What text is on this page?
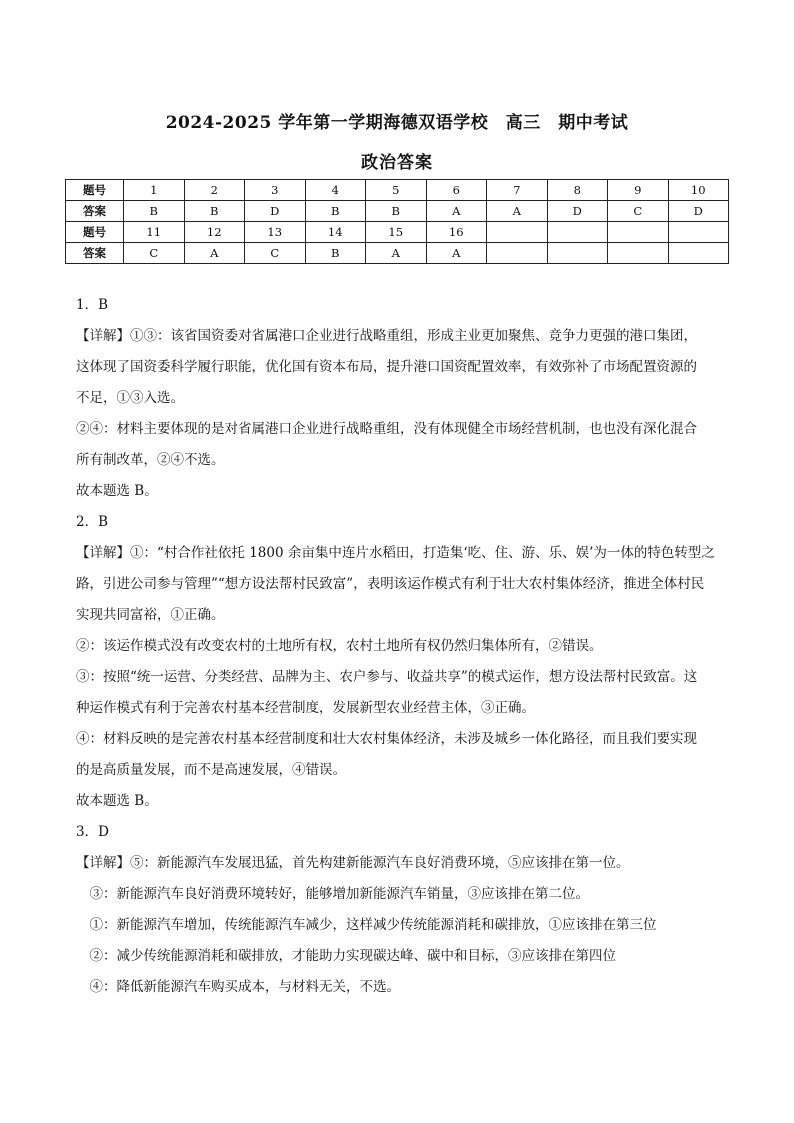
2024-2025 学年第一学期海德双语学校　高三　期中考试
政治答案
题号	1	2	3	4	5	6	7	8	9	10
答案	B	B	D	B	B	A	A	D	C	D
题号	11	12	13	14	15	16				
答案	C	A	C	B	A	A				

1．B

【详解】①③：该省国资委对省属港口企业进行战略重组，形成主业更加聚焦、竞争力更强的港口集团，

这体现了国资委科学履行职能，优化国有资本布局，提升港口国资配置效率，有效弥补了市场配置资源的

不足，①③入选。

②④：材料主要体现的是对省属港口企业进行战略重组，没有体现健全市场经营机制，也也没有深化混合

所有制改革，②④不选。

故本题选 B。

2．B

【详解】①：“村合作社依托 1800 余亩集中连片水稻田，打造集‘吃、住、游、乐、娱’为一体的特色转型之

路，引进公司参与管理”“想方设法帮村民致富”，表明该运作模式有利于壮大农村集体经济，推进全体村民

实现共同富裕，①正确。

②：该运作模式没有改变农村的土地所有权，农村土地所有权仍然归集体所有，②错误。

③：按照“统一运营、分类经营、品牌为主、农户参与、收益共享”的模式运作，想方设法帮村民致富。这

种运作模式有利于完善农村基本经营制度，发展新型农业经营主体，③正确。

④：材料反映的是完善农村基本经营制度和壮大农村集体经济，未涉及城乡一体化路径，而且我们要实现

的是高质量发展，而不是高速发展，④错误。

故本题选 B。

3．D

【详解】⑤：新能源汽车发展迅猛，首先构建新能源汽车良好消费环境，⑤应该排在第一位。

　③：新能源汽车良好消费环境转好，能够增加新能源汽车销量，③应该排在第二位。

　①：新能源汽车增加，传统能源汽车减少，这样减少传统能源消耗和碳排放，①应该排在第三位

　②：减少传统能源消耗和碳排放，才能助力实现碳达峰、碳中和目标，③应该排在第四位

　④：降低新能源汽车购买成本，与材料无关，不选。
